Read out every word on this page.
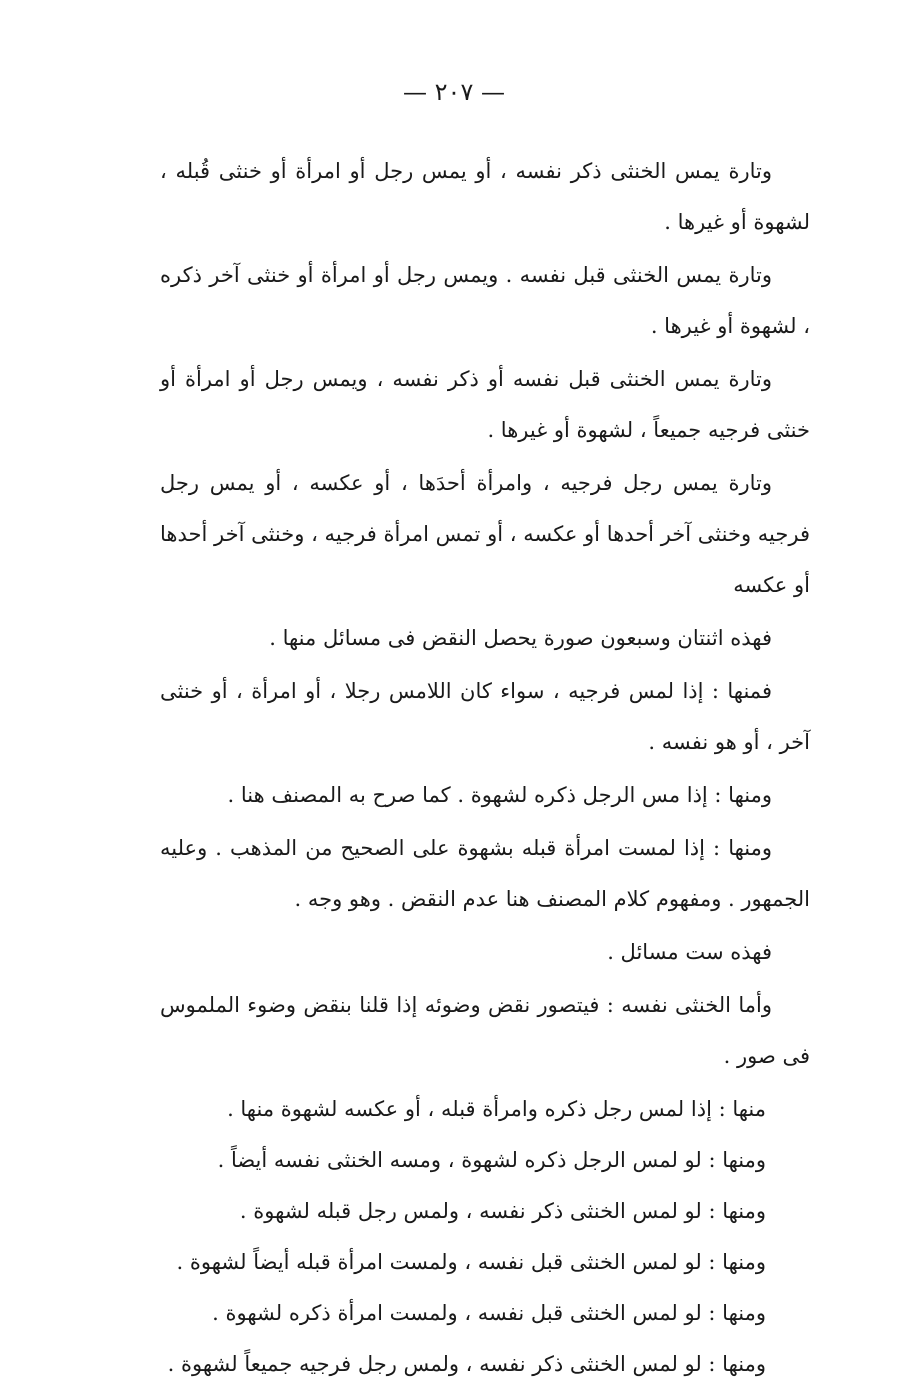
— ٢٠٧ —

وتارة يمس الخنثى ذكر نفسه ، أو يمس رجل أو امرأة أو خنثى قُبله ، لشهوة أو غيرها .

وتارة يمس الخنثى قبل نفسه . ويمس رجل أو امرأة أو خنثى آخر ذكره ، لشهوة أو غيرها .

وتارة يمس الخنثى قبل نفسه أو ذكر نفسه ، ويمس رجل أو امرأة أو خنثى فرجيه جميعاً ، لشهوة أو غيرها .

وتارة يمس رجل فرجيه ، وامرأة أحدَها ، أو عكسه ، أو يمس رجل فرجيه وخنثى آخر أحدها أو عكسه ، أو تمس امرأة فرجيه ، وخنثى آخر أحدها أو عكسه

فهذه اثنتان وسبعون صورة يحصل النقض فى مسائل منها .

فمنها : إذا لمس فرجيه ، سواء كان اللامس رجلا ، أو امرأة ، أو خنثى آخر ، أو هو نفسه .

ومنها : إذا مس الرجل ذكره لشهوة . كما صرح به المصنف هنا .

ومنها : إذا لمست امرأة قبله بشهوة على الصحيح من المذهب . وعليه الجمهور . ومفهوم كلام المصنف هنا عدم النقض . وهو وجه .

فهذه ست مسائل .

وأما الخنثى نفسه : فيتصور نقض وضوئه إذا قلنا بنقض وضوء الملموس فى صور .

منها : إذا لمس رجل ذكره وامرأة قبله ، أو عكسه لشهوة منها .
ومنها : لو لمس الرجل ذكره لشهوة ، ومسه الخنثى نفسه أيضاً .
ومنها : لو لمس الخنثى ذكر نفسه ، ولمس رجل قبله لشهوة .
ومنها : لو لمس الخنثى قبل نفسه ، ولمست امرأة قبله أيضاً لشهوة .
ومنها : لو لمس الخنثى قبل نفسه ، ولمست امرأة ذكره لشهوة .
ومنها : لو لمس الخنثى ذكر نفسه ، ولمس رجل فرجيه جميعاً لشهوة .
